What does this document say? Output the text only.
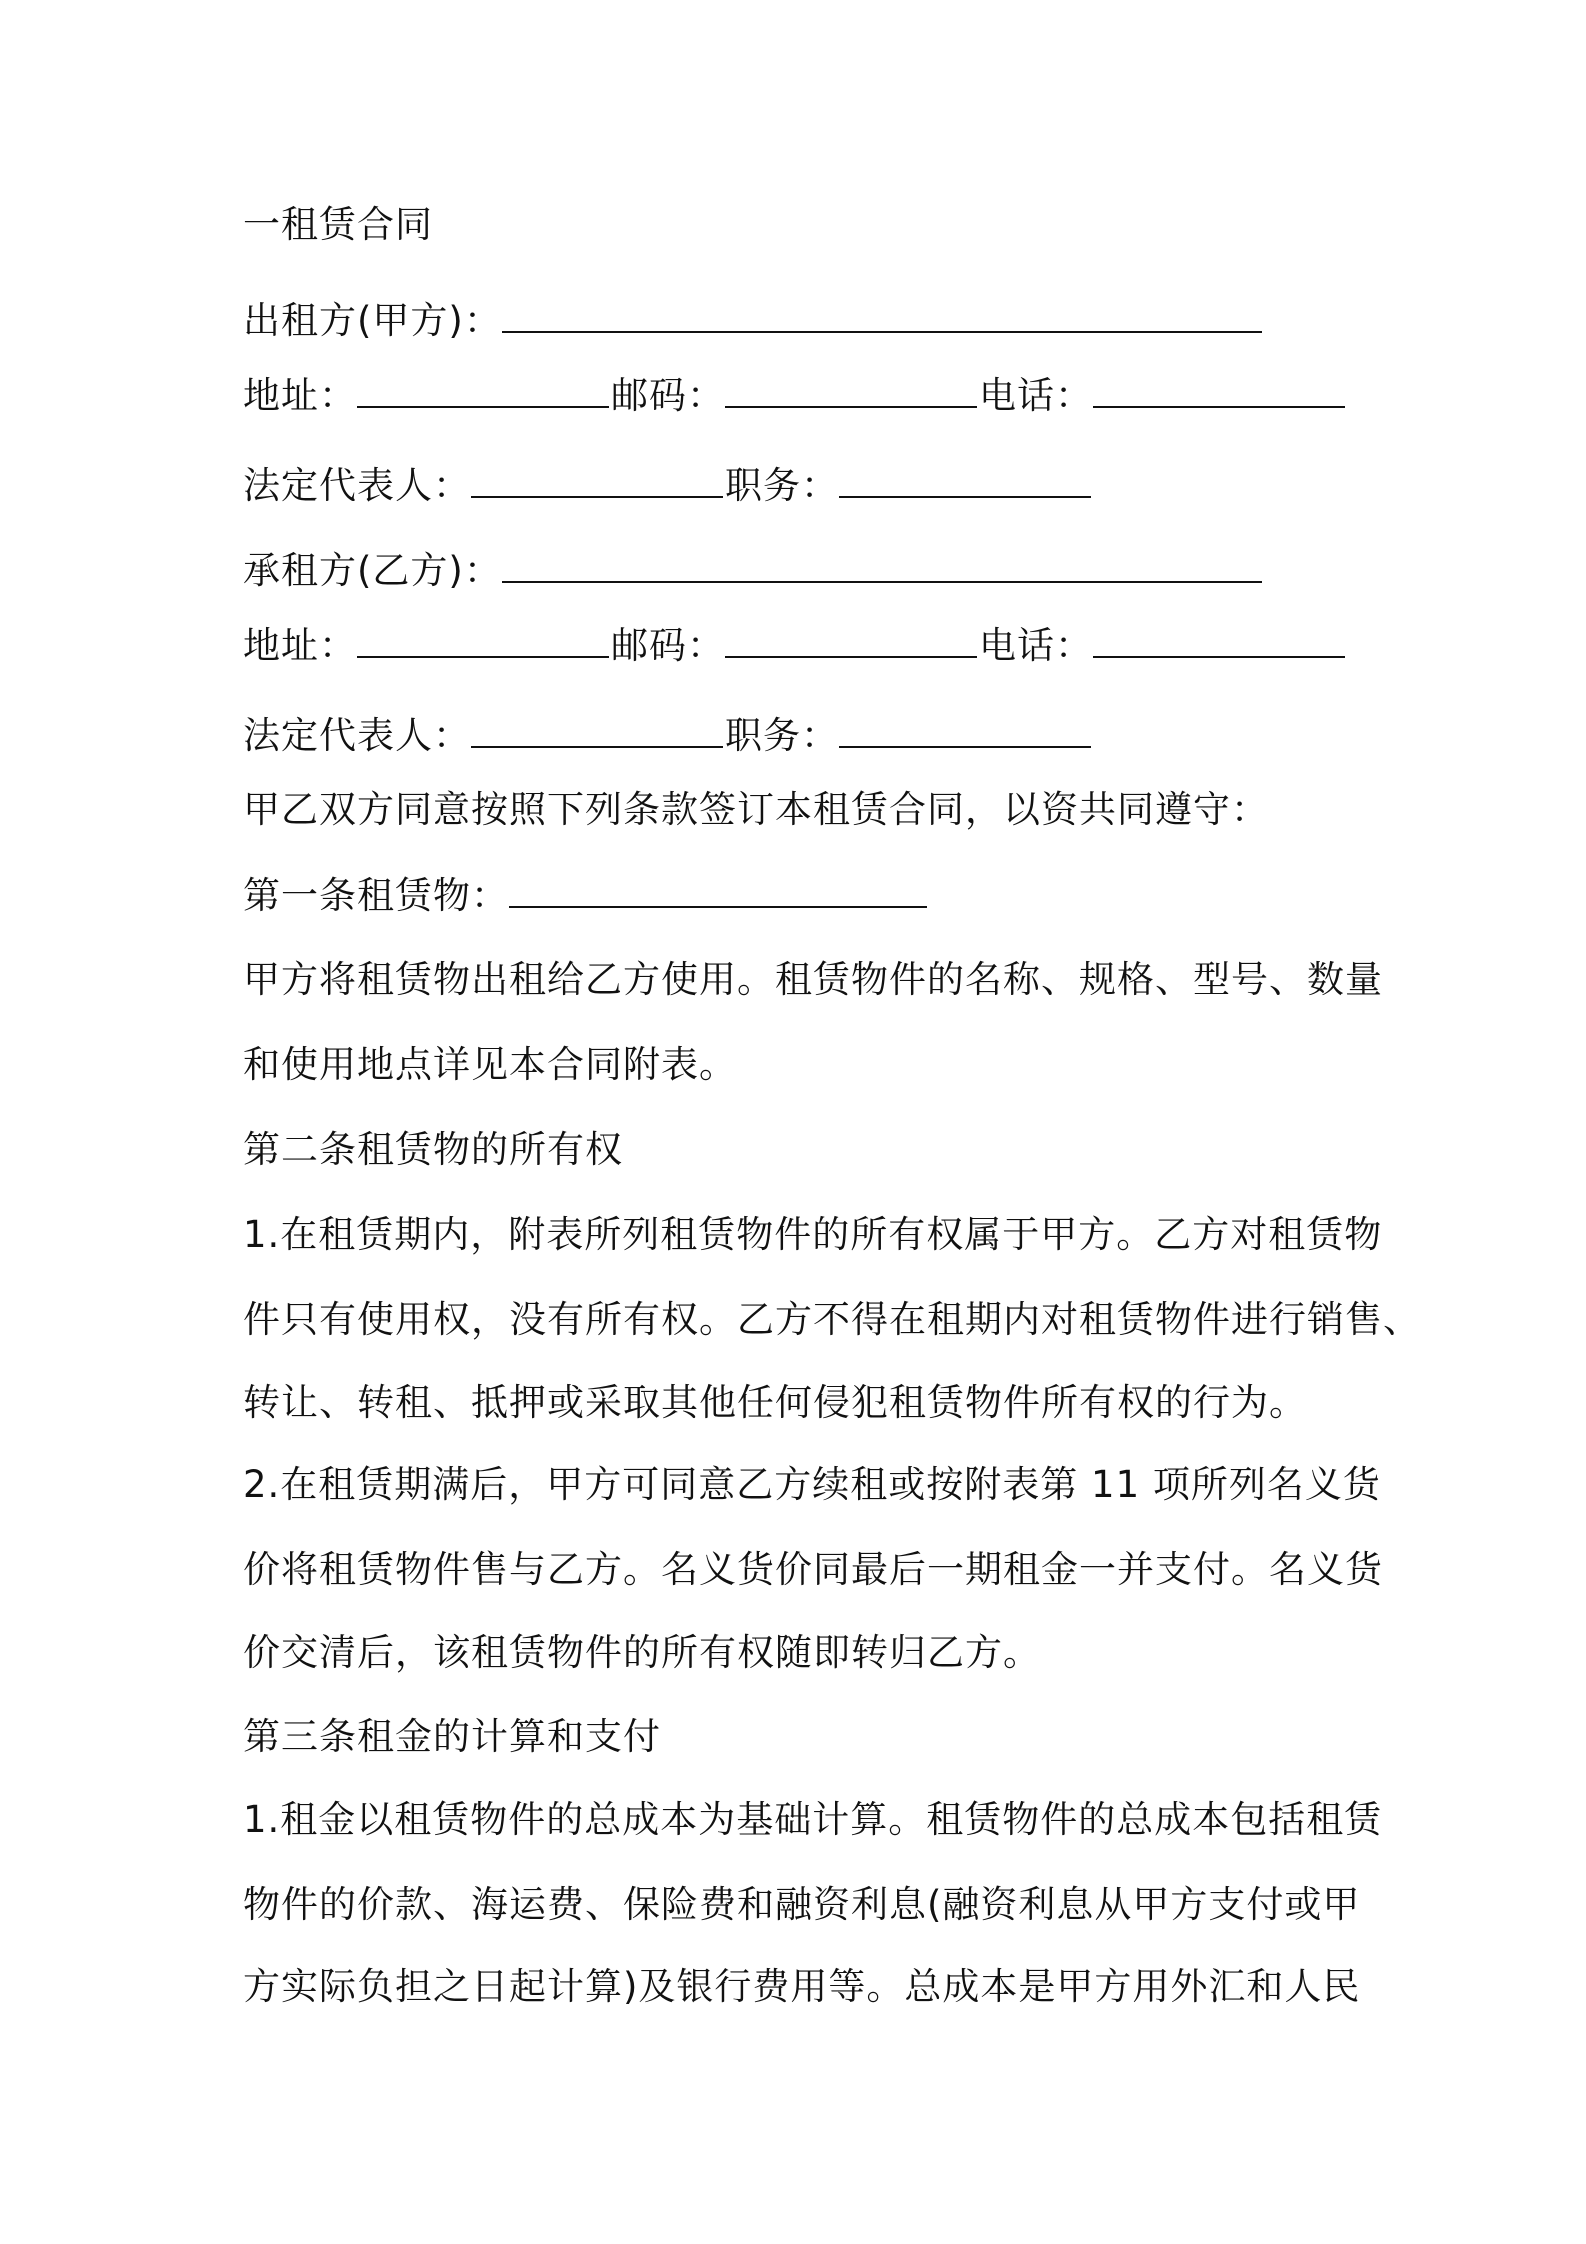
一租赁合同
出租方(甲方)：
地址：	邮码：	电话：
法定代表人：	职务：
承租方(乙方)：
地址：	邮码：	电话：
法定代表人：	职务：
甲乙双方同意按照下列条款签订本租赁合同，以资共同遵守：
第一条租赁物：
甲方将租赁物出租给乙方使用。租赁物件的名称、规格、型号、数量
和使用地点详见本合同附表。
第二条租赁物的所有权
1.在租赁期内，附表所列租赁物件的所有权属于甲方。乙方对租赁物
件只有使用权，没有所有权。乙方不得在租期内对租赁物件进行销售、
转让、转租、抵押或采取其他任何侵犯租赁物件所有权的行为。
2.在租赁期满后，甲方可同意乙方续租或按附表第 11 项所列名义货
价将租赁物件售与乙方。名义货价同最后一期租金一并支付。名义货
价交清后，该租赁物件的所有权随即转归乙方。
第三条租金的计算和支付
1.租金以租赁物件的总成本为基础计算。租赁物件的总成本包括租赁
物件的价款、海运费、保险费和融资利息(融资利息从甲方支付或甲
方实际负担之日起计算)及银行费用等。总成本是甲方用外汇和人民
